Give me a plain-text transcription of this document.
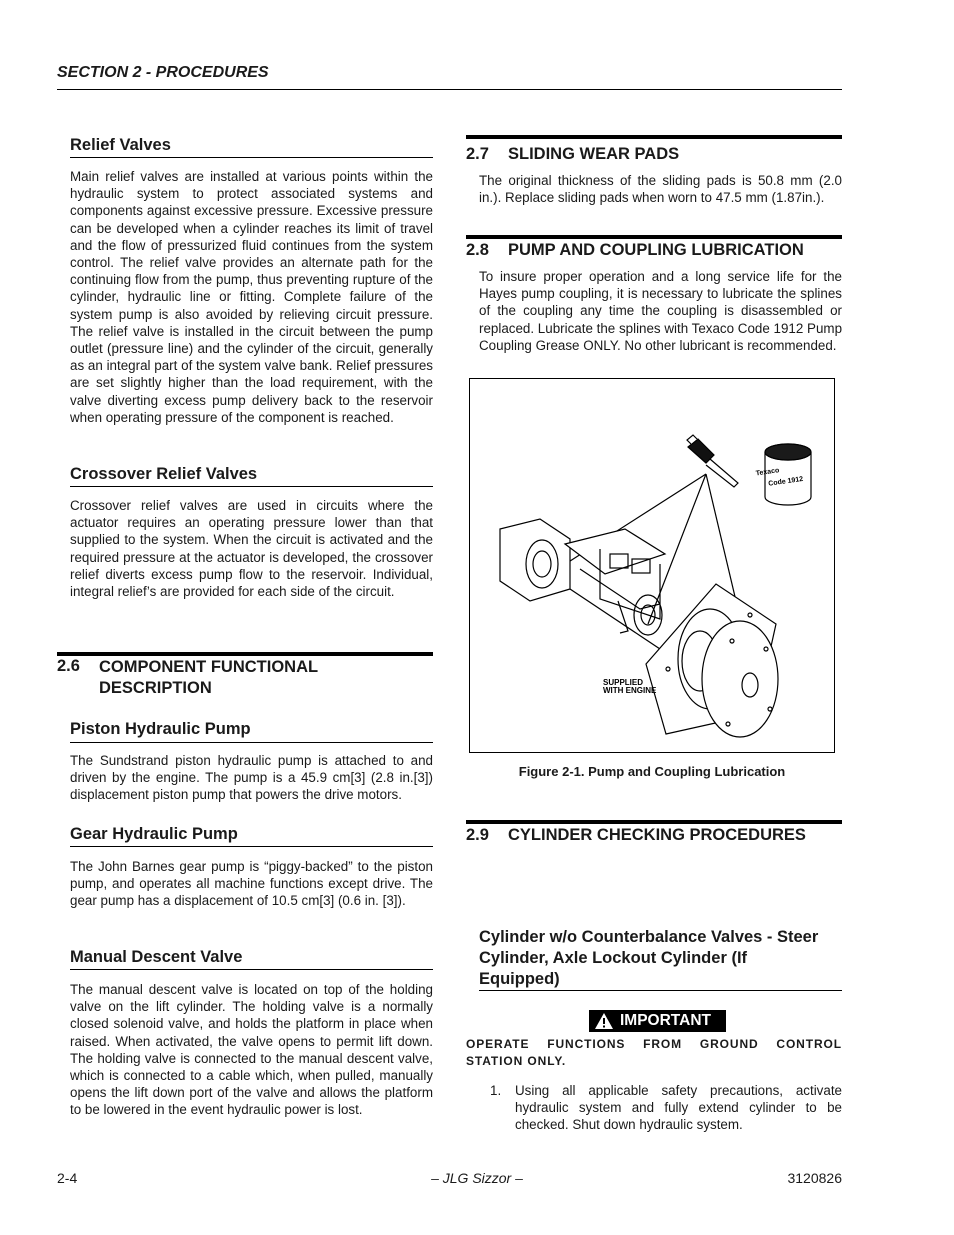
SECTION 2 - PROCEDURES
Relief Valves
Main relief valves are installed at various points within the hydraulic system to protect associated systems and components against excessive pressure. Excessive pressure can be developed when a cylinder reaches its limit of travel and the flow of pressurized fluid continues from the system control. The relief valve provides an alternate path for the continuing flow from the pump, thus preventing rupture of the cylinder, hydraulic line or fitting. Complete failure of the system pump is also avoided by relieving circuit pressure. The relief valve is installed in the circuit between the pump outlet (pressure line) and the cylinder of the circuit, generally as an integral part of the system valve bank. Relief pressures are set slightly higher than the load requirement, with the valve diverting excess pump delivery back to the reservoir when operating pressure of the component is reached.
Crossover Relief Valves
Crossover relief valves are used in circuits where the actuator requires an operating pressure lower than that supplied to the system. When the circuit is activated and the required pressure at the actuator is developed, the crossover relief diverts excess pump flow to the reservoir. Individual, integral relief’s are provided for each side of the circuit.
2.6	COMPONENT FUNCTIONAL
DESCRIPTION
Piston Hydraulic Pump
The Sundstrand piston hydraulic pump is attached to and driven by the engine. The pump is a 45.9 cm[3] (2.8 in.[3]) displacement piston pump that powers the drive motors.
Gear Hydraulic Pump
The John Barnes gear pump is “piggy-backed” to the piston pump, and operates all machine functions except drive. The gear pump has a displacement of 10.5 cm[3] (0.6 in. [3]).
Manual Descent Valve
The manual descent valve is located on top of the holding valve on the lift cylinder. The holding valve is a normally closed solenoid valve, and holds the platform in place when raised. When activated, the valve opens to permit lift down. The holding valve is connected to the manual descent valve, which is connected to a cable which, when pulled, manually opens the lift down port of the valve and allows the platform to be lowered in the event hydraulic power is lost.
2.7	SLIDING WEAR PADS
The original thickness of the sliding pads is 50.8 mm (2.0 in.). Replace sliding pads when worn to 47.5 mm (1.87in.).
2.8	PUMP AND COUPLING LUBRICATION
To insure proper operation and a long service life for the Hayes pump coupling, it is necessary to lubricate the splines of the coupling any time the coupling is disassembled or replaced. Lubricate the splines with Texaco Code 1912 Pump Coupling Grease ONLY. No other lubricant is recommended.
Texaco
Code 1912
SUPPLIED
WITH ENGINE
Figure 2-1. Pump and Coupling Lubrication
2.9	CYLINDER CHECKING PROCEDURES
Cylinder w/o Counterbalance Valves - Steer
Cylinder, Axle Lockout Cylinder (If
Equipped)
IMPORTANT
OPERATE FUNCTIONS FROM GROUND CONTROL STATION ONLY.
1.	Using all applicable safety precautions, activate hydraulic system and fully extend cylinder to be checked. Shut down hydraulic system.
2-4	– JLG Sizzor –	3120826
